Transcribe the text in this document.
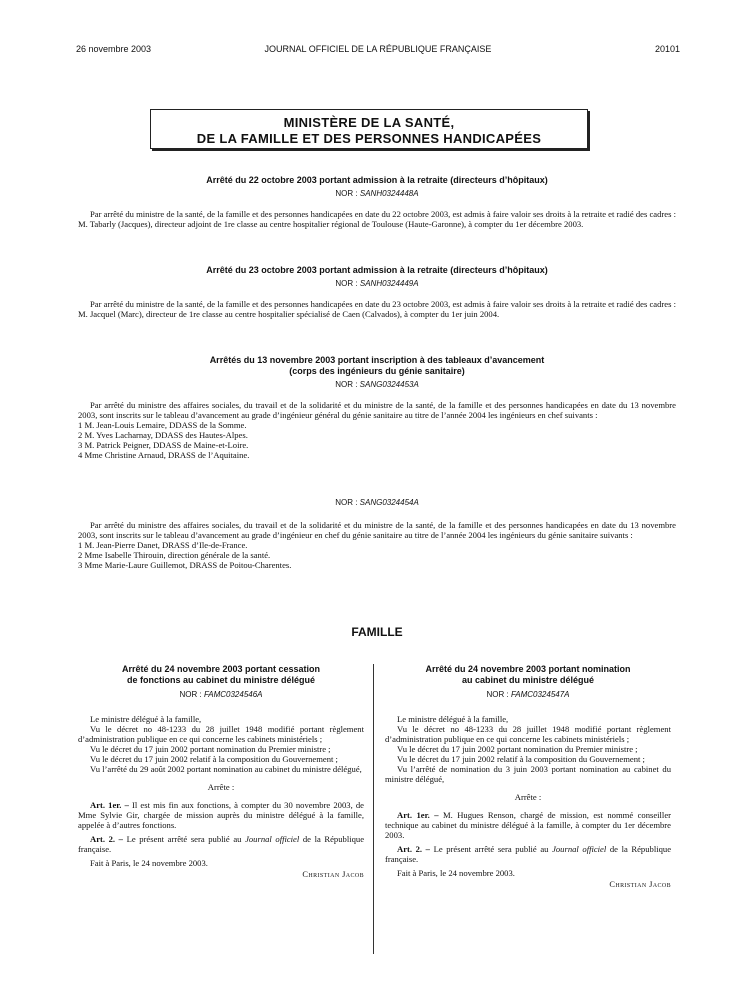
26 novembre 2003	JOURNAL OFFICIEL DE LA RÉPUBLIQUE FRANÇAISE	20101
MINISTÈRE DE LA SANTÉ,
DE LA FAMILLE ET DES PERSONNES HANDICAPÉES
Arrêté du 22 octobre 2003 portant admission à la retraite (directeurs d’hôpitaux)
NOR : SANH0324448A

Par arrêté du ministre de la santé, de la famille et des personnes handicapées en date du 22 octobre 2003, est admis à faire valoir ses droits à la retraite et radié des cadres : M. Tabarly (Jacques), directeur adjoint de 1re classe au centre hospitalier régional de Toulouse (Haute-Garonne), à compter du 1er décembre 2003.

Arrêté du 23 octobre 2003 portant admission à la retraite (directeurs d’hôpitaux)
NOR : SANH0324449A

Par arrêté du ministre de la santé, de la famille et des personnes handicapées en date du 23 octobre 2003, est admis à faire valoir ses droits à la retraite et radié des cadres : M. Jacquel (Marc), directeur de 1re classe au centre hospitalier spécialisé de Caen (Calvados), à compter du 1er juin 2004.

Arrêtés du 13 novembre 2003 portant inscription à des tableaux d’avancement
(corps des ingénieurs du génie sanitaire)
NOR : SANG0324453A

Par arrêté du ministre des affaires sociales, du travail et de la solidarité et du ministre de la santé, de la famille et des personnes handicapées en date du 13 novembre 2003, sont inscrits sur le tableau d’avancement au grade d’ingénieur général du génie sanitaire au titre de l’année 2004 les ingénieurs en chef suivants :

1 M. Jean-Louis Lemaire, DDASS de la Somme.
2 M. Yves Lacharnay, DDASS des Hautes-Alpes.
3 M. Patrick Peigner, DDASS de Maine-et-Loire.
4 Mme Christine Arnaud, DRASS de l’Aquitaine.
NOR : SANG0324454A

Par arrêté du ministre des affaires sociales, du travail et de la solidarité et du ministre de la santé, de la famille et des personnes handicapées en date du 13 novembre 2003, sont inscrits sur le tableau d’avancement au grade d’ingénieur en chef du génie sanitaire au titre de l’année 2004 les ingénieurs du génie sanitaire suivants :

1 M. Jean-Pierre Danet, DRASS d’Ile-de-France.
2 Mme Isabelle Thirouin, direction générale de la santé.
3 Mme Marie-Laure Guillemot, DRASS de Poitou-Charentes.
FAMILLE
Arrêté du 24 novembre 2003 portant cessation
de fonctions au cabinet du ministre délégué
NOR : FAMC0324546A

Le ministre délégué à la famille,

Vu le décret no 48-1233 du 28 juillet 1948 modifié portant règlement d’administration publique en ce qui concerne les cabinets ministériels ;

Vu le décret du 17 juin 2002 portant nomination du Premier ministre ;

Vu le décret du 17 juin 2002 relatif à la composition du Gouvernement ;

Vu l’arrêté du 29 août 2002 portant nomination au cabinet du ministre délégué,

Arrête :

Art. 1er. – Il est mis fin aux fonctions, à compter du 30 novembre 2003, de Mme Sylvie Gir, chargée de mission auprès du ministre délégué à la famille, appelée à d’autres fonctions.

Art. 2. – Le présent arrêté sera publié au Journal officiel de la République française.

Fait à Paris, le 24 novembre 2003.

Christian Jacob

Arrêté du 24 novembre 2003 portant nomination
au cabinet du ministre délégué
NOR : FAMC0324547A

Le ministre délégué à la famille,

Vu le décret no 48-1233 du 28 juillet 1948 modifié portant règlement d’administration publique en ce qui concerne les cabinets ministériels ;

Vu le décret du 17 juin 2002 portant nomination du Premier ministre ;

Vu le décret du 17 juin 2002 relatif à la composition du Gouvernement ;

Vu l’arrêté de nomination du 3 juin 2003 portant nomination au cabinet du ministre délégué,

Arrête :

Art. 1er. – M. Hugues Renson, chargé de mission, est nommé conseiller technique au cabinet du ministre délégué à la famille, à compter du 1er décembre 2003.

Art. 2. – Le présent arrêté sera publié au Journal officiel de la République française.

Fait à Paris, le 24 novembre 2003.

Christian Jacob
